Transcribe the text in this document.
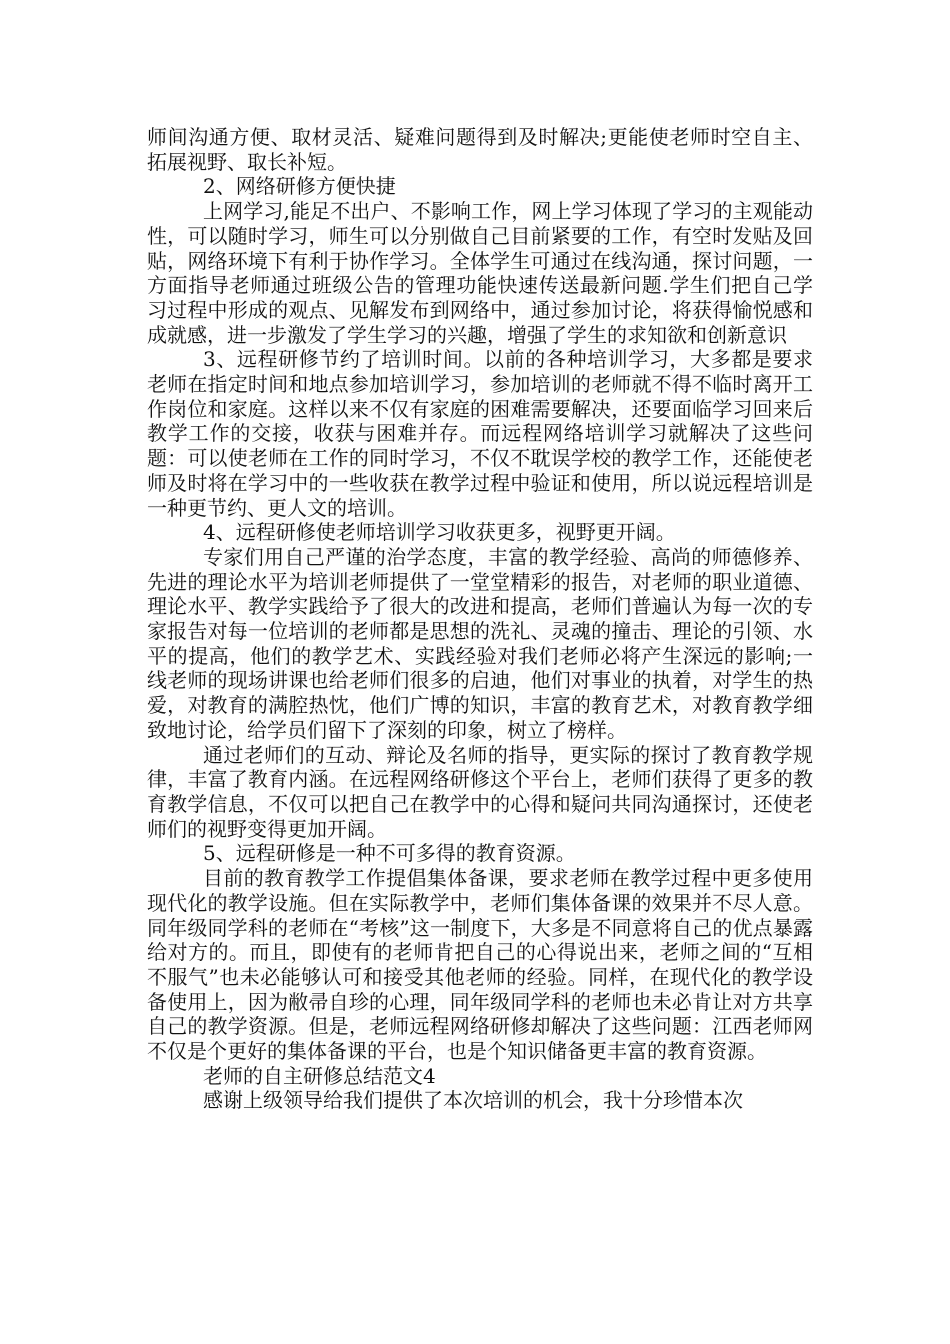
师间沟通方便、取材灵活、疑难问题得到及时解决;更能使老师时空自主、拓展视野、取长补短。

2、网络研修方便快捷

上网学习,能足不出户、不影响工作，网上学习体现了学习的主观能动性，可以随时学习，师生可以分别做自己目前紧要的工作，有空时发贴及回贴，网络环境下有利于协作学习。全体学生可通过在线沟通，探讨问题，一方面指导老师通过班级公告的管理功能快速传送最新问题.学生们把自己学习过程中形成的观点、见解发布到网络中，通过参加讨论，将获得愉悦感和成就感，进一步激发了学生学习的兴趣，增强了学生的求知欲和创新意识

3、远程研修节约了培训时间。以前的各种培训学习，大多都是要求老师在指定时间和地点参加培训学习，参加培训的老师就不得不临时离开工作岗位和家庭。这样以来不仅有家庭的困难需要解决，还要面临学习回来后教学工作的交接，收获与困难并存。而远程网络培训学习就解决了这些问题：可以使老师在工作的同时学习，不仅不耽误学校的教学工作，还能使老师及时将在学习中的一些收获在教学过程中验证和使用，所以说远程培训是一种更节约、更人文的培训。

4、远程研修使老师培训学习收获更多，视野更开阔。

专家们用自己严谨的治学态度，丰富的教学经验、高尚的师德修养、先进的理论水平为培训老师提供了一堂堂精彩的报告，对老师的职业道德、理论水平、教学实践给予了很大的改进和提高，老师们普遍认为每一次的专家报告对每一位培训的老师都是思想的洗礼、灵魂的撞击、理论的引领、水平的提高，他们的教学艺术、实践经验对我们老师必将产生深远的影响;一线老师的现场讲课也给老师们很多的启迪，他们对事业的执着，对学生的热爱，对教育的满腔热忱，他们广博的知识，丰富的教育艺术，对教育教学细致地讨论，给学员们留下了深刻的印象，树立了榜样。

通过老师们的互动、辩论及名师的指导，更实际的探讨了教育教学规律，丰富了教育内涵。在远程网络研修这个平台上，老师们获得了更多的教育教学信息，不仅可以把自己在教学中的心得和疑问共同沟通探讨，还使老师们的视野变得更加开阔。

5、远程研修是一种不可多得的教育资源。

目前的教育教学工作提倡集体备课，要求老师在教学过程中更多使用现代化的教学设施。但在实际教学中，老师们集体备课的效果并不尽人意。同年级同学科的老师在“考核”这一制度下，大多是不同意将自己的优点暴露给对方的。而且，即使有的老师肯把自己的心得说出来，老师之间的“互相不服气”也未必能够认可和接受其他老师的经验。同样，在现代化的教学设备使用上，因为敝帚自珍的心理，同年级同学科的老师也未必肯让对方共享自己的教学资源。但是，老师远程网络研修却解决了这些问题：江西老师网不仅是个更好的集体备课的平台，也是个知识储备更丰富的教育资源。

老师的自主研修总结范文4

感谢上级领导给我们提供了本次培训的机会，我十分珍惜本次
